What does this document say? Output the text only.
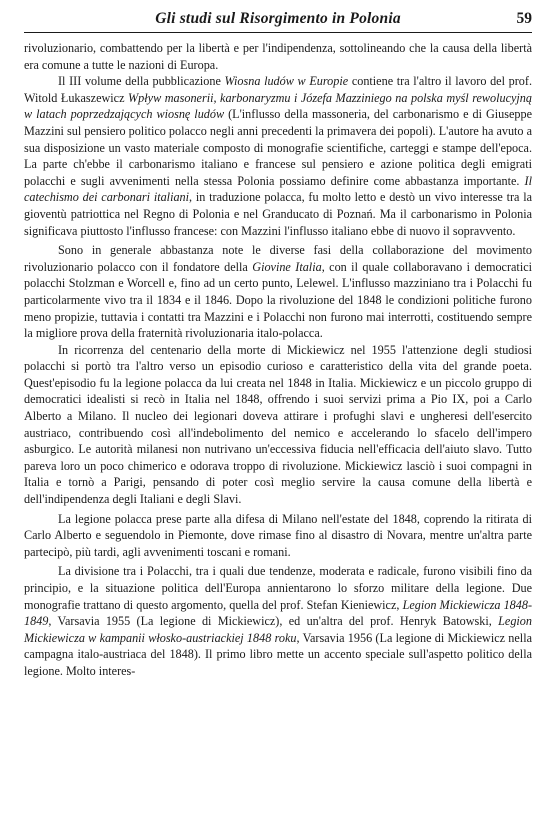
Gli studi sul Risorgimento in Polonia	59

rivoluzionario, combattendo per la libertà e per l'indipendenza, sottolineando che la causa della libertà era comune a tutte le nazioni di Europa.

Il III volume della pubblicazione Wiosna ludów w Europie contiene tra l'altro il lavoro del prof. Witold Łukaszewicz Wpływ masonerii, karbonaryzmu i Józefa Mazziniego na polska myśl rewolucyjną w latach poprzedzających wiosnę ludów (L'influsso della massoneria, del carbonarismo e di Giuseppe Mazzini sul pensiero politico polacco negli anni precedenti la primavera dei popoli). L'autore ha avuto a sua disposizione un vasto materiale composto di monografie scientifiche, carteggi e stampe dell'epoca. La parte ch'ebbe il carbonarismo italiano e francese sul pensiero e azione politica degli emigrati polacchi e sugli avvenimenti nella stessa Polonia possiamo definire come abbastanza importante. Il catechismo dei carbonari italiani, in traduzione polacca, fu molto letto e destò un vivo interesse tra la gioventù patriottica nel Regno di Polonia e nel Granducato di Poznań. Ma il carbonarismo in Polonia significava piuttosto l'influsso francese: con Mazzini l'influsso italiano ebbe di nuovo il sopravvento.

Sono in generale abbastanza note le diverse fasi della collaborazione del movimento rivoluzionario polacco con il fondatore della Giovine Italia, con il quale collaboravano i democratici polacchi Stolzman e Worcell e, fino ad un certo punto, Lelewel. L'influsso mazziniano tra i Polacchi fu particolarmente vivo tra il 1834 e il 1846. Dopo la rivoluzione del 1848 le condizioni politiche furono meno propizie, tuttavia i contatti tra Mazzini e i Polacchi non furono mai interrotti, costituendo sempre la migliore prova della fraternità rivoluzionaria italo-polacca.

In ricorrenza del centenario della morte di Mickiewicz nel 1955 l'attenzione degli studiosi polacchi si portò tra l'altro verso un episodio curioso e caratteristico della vita del grande poeta. Quest'episodio fu la legione polacca da lui creata nel 1848 in Italia. Mickiewicz e un piccolo gruppo di democratici idealisti si recò in Italia nel 1848, offrendo i suoi servizi prima a Pio IX, poi a Carlo Alberto a Milano. Il nucleo dei legionari doveva attirare i profughi slavi e ungheresi dell'esercito austriaco, contribuendo così all'indebolimento del nemico e accelerando lo sfacelo dell'impero asburgico. Le autorità milanesi non nutrivano un'eccessiva fiducia nell'efficacia dell'aiuto slavo. Tutto pareva loro un poco chimerico e odorava troppo di rivoluzione. Mickiewicz lasciò i suoi compagni in Italia e tornò a Parigi, pensando di poter così meglio servire la causa comune della libertà e dell'indipendenza degli Italiani e degli Slavi.

La legione polacca prese parte alla difesa di Milano nell'estate del 1848, coprendo la ritirata di Carlo Alberto e seguendolo in Piemonte, dove rimase fino al disastro di Novara, mentre un'altra parte partecipò, più tardi, agli avvenimenti toscani e romani.

La divisione tra i Polacchi, tra i quali due tendenze, moderata e radicale, furono visibili fino da principio, e la situazione politica dell'Europa annientarono lo sforzo militare della legione. Due monografie trattano di questo argomento, quella del prof. Stefan Kieniewicz, Legion Mickiewicza 1848-1849, Varsavia 1955 (La legione di Mickiewicz), ed un'altra del prof. Henryk Batowski, Legion Mickiewicza w kampanii włosko-austriackiej 1848 roku, Varsavia 1956 (La legione di Mickiewicz nella campagna italo-austriaca del 1848). Il primo libro mette un accento speciale sull'aspetto politico della legione. Molto interes-
